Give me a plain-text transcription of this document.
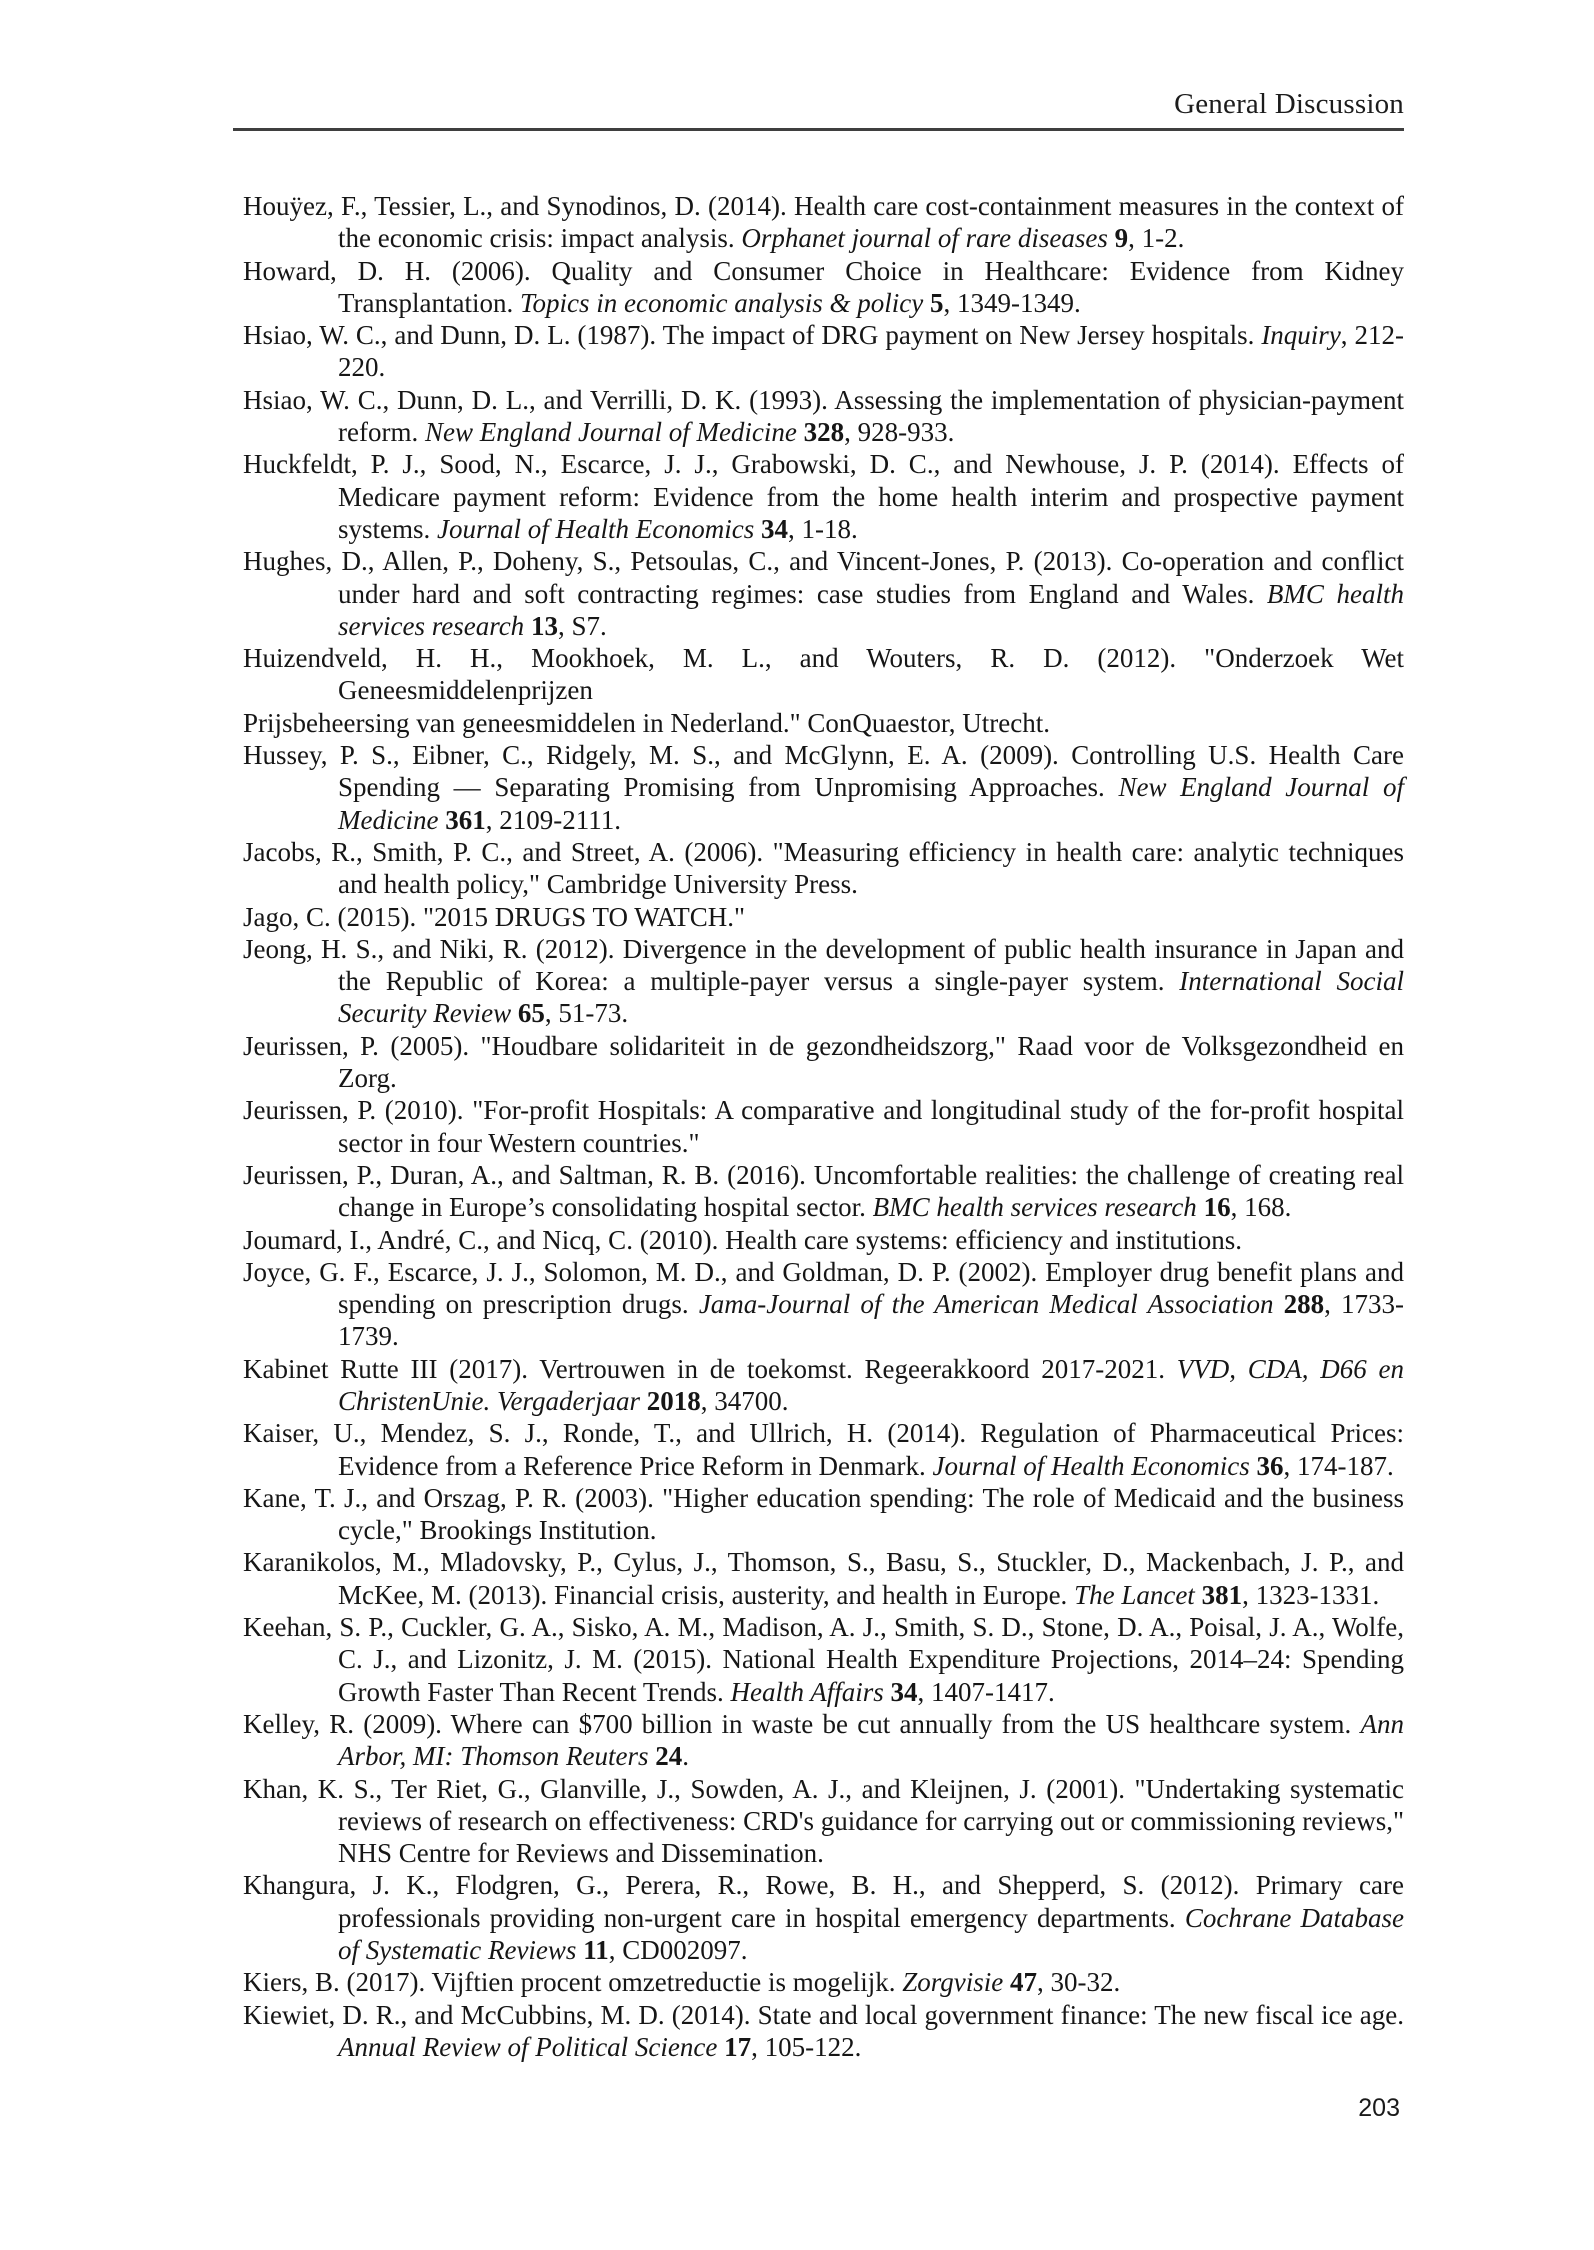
General Discussion

Houÿez, F., Tessier, L., and Synodinos, D. (2014). Health care cost-containment measures in the context of the economic crisis: impact analysis. Orphanet journal of rare diseases 9, 1-2.

Howard, D. H. (2006). Quality and Consumer Choice in Healthcare: Evidence from Kidney Transplantation. Topics in economic analysis & policy 5, 1349-1349.

Hsiao, W. C., and Dunn, D. L. (1987). The impact of DRG payment on New Jersey hospitals. Inquiry, 212-220.

Hsiao, W. C., Dunn, D. L., and Verrilli, D. K. (1993). Assessing the implementation of physician-payment reform. New England Journal of Medicine 328, 928-933.

Huckfeldt, P. J., Sood, N., Escarce, J. J., Grabowski, D. C., and Newhouse, J. P. (2014). Effects of Medicare payment reform: Evidence from the home health interim and prospective payment systems. Journal of Health Economics 34, 1-18.

Hughes, D., Allen, P., Doheny, S., Petsoulas, C., and Vincent-Jones, P. (2013). Co-operation and conflict under hard and soft contracting regimes: case studies from England and Wales. BMC health services research 13, S7.

Huizendveld, H. H., Mookhoek, M. L., and Wouters, R. D. (2012). "Onderzoek Wet Geneesmiddelenprijzen

Prijsbeheersing van geneesmiddelen in Nederland." ConQuaestor, Utrecht.

Hussey, P. S., Eibner, C., Ridgely, M. S., and McGlynn, E. A. (2009). Controlling U.S. Health Care Spending — Separating Promising from Unpromising Approaches. New England Journal of Medicine 361, 2109-2111.

Jacobs, R., Smith, P. C., and Street, A. (2006). "Measuring efficiency in health care: analytic techniques and health policy," Cambridge University Press.

Jago, C. (2015). "2015 DRUGS TO WATCH."

Jeong, H. S., and Niki, R. (2012). Divergence in the development of public health insurance in Japan and the Republic of Korea: a multiple-payer versus a single-payer system. International Social Security Review 65, 51-73.

Jeurissen, P. (2005). "Houdbare solidariteit in de gezondheidszorg," Raad voor de Volksgezondheid en Zorg.

Jeurissen, P. (2010). "For-profit Hospitals: A comparative and longitudinal study of the for-profit hospital sector in four Western countries."

Jeurissen, P., Duran, A., and Saltman, R. B. (2016). Uncomfortable realities: the challenge of creating real change in Europe’s consolidating hospital sector. BMC health services research 16, 168.

Joumard, I., André, C., and Nicq, C. (2010). Health care systems: efficiency and institutions.

Joyce, G. F., Escarce, J. J., Solomon, M. D., and Goldman, D. P. (2002). Employer drug benefit plans and spending on prescription drugs. Jama-Journal of the American Medical Association 288, 1733-1739.

Kabinet Rutte III (2017). Vertrouwen in de toekomst. Regeerakkoord 2017-2021. VVD, CDA, D66 en ChristenUnie. Vergaderjaar 2018, 34700.

Kaiser, U., Mendez, S. J., Ronde, T., and Ullrich, H. (2014). Regulation of Pharmaceutical Prices: Evidence from a Reference Price Reform in Denmark. Journal of Health Economics 36, 174-187.

Kane, T. J., and Orszag, P. R. (2003). "Higher education spending: The role of Medicaid and the business cycle," Brookings Institution.

Karanikolos, M., Mladovsky, P., Cylus, J., Thomson, S., Basu, S., Stuckler, D., Mackenbach, J. P., and McKee, M. (2013). Financial crisis, austerity, and health in Europe. The Lancet 381, 1323-1331.

Keehan, S. P., Cuckler, G. A., Sisko, A. M., Madison, A. J., Smith, S. D., Stone, D. A., Poisal, J. A., Wolfe, C. J., and Lizonitz, J. M. (2015). National Health Expenditure Projections, 2014–24: Spending Growth Faster Than Recent Trends. Health Affairs 34, 1407-1417.

Kelley, R. (2009). Where can $700 billion in waste be cut annually from the US healthcare system. Ann Arbor, MI: Thomson Reuters 24.

Khan, K. S., Ter Riet, G., Glanville, J., Sowden, A. J., and Kleijnen, J. (2001). "Undertaking systematic reviews of research on effectiveness: CRD's guidance for carrying out or commissioning reviews," NHS Centre for Reviews and Dissemination.

Khangura, J. K., Flodgren, G., Perera, R., Rowe, B. H., and Shepperd, S. (2012). Primary care professionals providing non-urgent care in hospital emergency departments. Cochrane Database of Systematic Reviews 11, CD002097.

Kiers, B. (2017). Vijftien procent omzetreductie is mogelijk. Zorgvisie 47, 30-32.

Kiewiet, D. R., and McCubbins, M. D. (2014). State and local government finance: The new fiscal ice age. Annual Review of Political Science 17, 105-122.

203
